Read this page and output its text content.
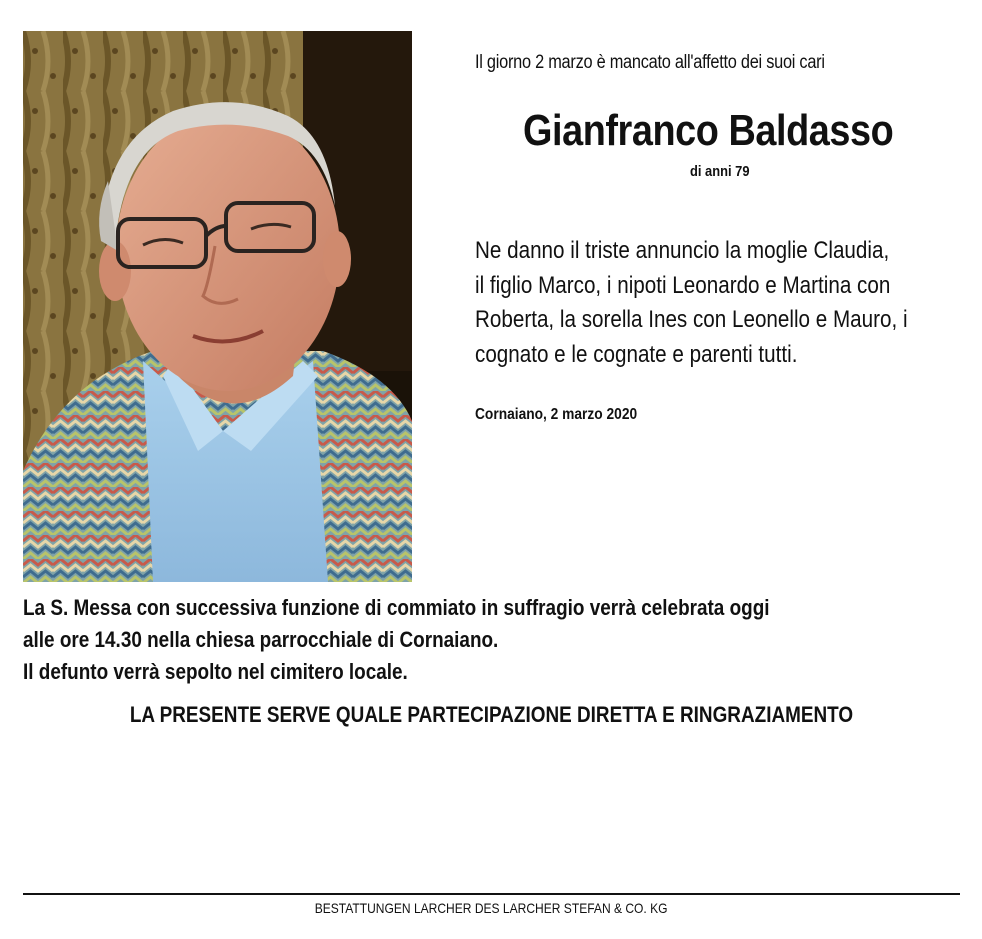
Il giorno 2 marzo è mancato all'affetto dei suoi cari
Gianfranco Baldasso
di anni 79
Ne danno il triste annuncio la moglie Claudia,
il figlio Marco, i nipoti Leonardo e Martina con
Roberta, la sorella Ines con Leonello e Mauro, i
cognato e le cognate e parenti tutti.
Cornaiano, 2 marzo 2020
La S. Messa con successiva funzione di commiato in suffragio verrà celebrata oggi
alle ore 14.30 nella chiesa parrocchiale di Cornaiano.
Il defunto verrà sepolto nel cimitero locale.
LA PRESENTE SERVE QUALE PARTECIPAZIONE DIRETTA E RINGRAZIAMENTO
BESTATTUNGEN LARCHER DES LARCHER STEFAN & CO. KG
